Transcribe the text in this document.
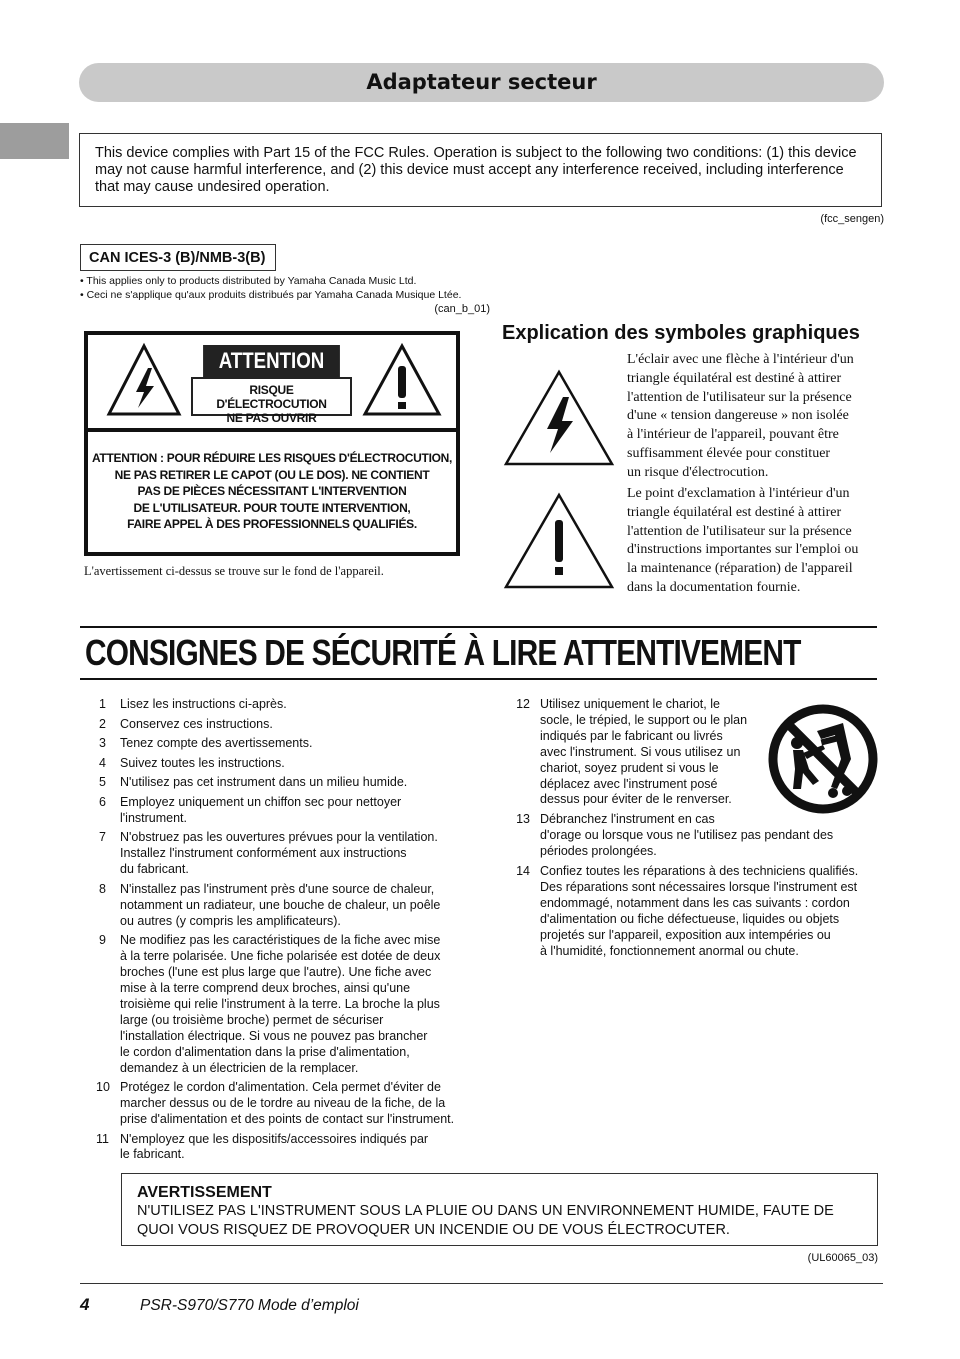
Adaptateur secteur
This device complies with Part 15 of the FCC Rules. Operation is subject to the following two conditions: (1) this device may not cause harmful interference, and (2) this device must accept any interference received, including interference that may cause undesired operation.
(fcc_sengen)
CAN ICES-3 (B)/NMB-3(B)
• This applies only to products distributed by Yamaha Canada Music Ltd.
• Ceci ne s'applique qu'aux produits distribués par Yamaha Canada Musique Ltée.
(can_b_01)
ATTENTION
RISQUE D'ÉLECTROCUTION
NE PAS OUVRIR
ATTENTION : POUR RÉDUIRE LES RISQUES D'ÉLECTROCUTION,
NE PAS RETIRER LE CAPOT (OU LE DOS). NE CONTIENT
PAS DE PIÈCES NÉCESSITANT L'INTERVENTION
DE L'UTILISATEUR. POUR TOUTE INTERVENTION,
FAIRE APPEL À DES PROFESSIONNELS QUALIFIÉS.
L'avertissement ci-dessus se trouve sur le fond de l'appareil.
Explication des symboles graphiques
L'éclair avec une flèche à l'intérieur d'un
triangle équilatéral est destiné à attirer
l'attention de l'utilisateur sur la présence
d'une « tension dangereuse » non isolée
à l'intérieur de l'appareil, pouvant être
suffisamment élevée pour constituer
un risque d'électrocution.
Le point d'exclamation à l'intérieur d'un
triangle équilatéral est destiné à attirer
l'attention de l'utilisateur sur la présence
d'instructions importantes sur l'emploi ou
la maintenance (réparation) de l'appareil
dans la documentation fournie.
CONSIGNES DE SÉCURITÉ À LIRE ATTENTIVEMENT
1 Lisez les instructions ci-après.
2 Conservez ces instructions.
3 Tenez compte des avertissements.
4 Suivez toutes les instructions.
5 N'utilisez pas cet instrument dans un milieu humide.
6 Employez uniquement un chiffon sec pour nettoyer
l'instrument.
7 N'obstruez pas les ouvertures prévues pour la ventilation.
Installez l'instrument conformément aux instructions
du fabricant.
8 N'installez pas l'instrument près d'une source de chaleur,
notamment un radiateur, une bouche de chaleur, un poêle
ou autres (y compris les amplificateurs).
9 Ne modifiez pas les caractéristiques de la fiche avec mise
à la terre polarisée. Une fiche polarisée est dotée de deux
broches (l'une est plus large que l'autre). Une fiche avec
mise à la terre comprend deux broches, ainsi qu'une
troisième qui relie l'instrument à la terre. La broche la plus
large (ou troisième broche) permet de sécuriser
l'installation électrique. Si vous ne pouvez pas brancher
le cordon d'alimentation dans la prise d'alimentation,
demandez à un électricien de la remplacer.
10 Protégez le cordon d'alimentation. Cela permet d'éviter de
marcher dessus ou de le tordre au niveau de la fiche, de la
prise d'alimentation et des points de contact sur l'instrument.
11 N'employez que les dispositifs/accessoires indiqués par
le fabricant.
12 Utilisez uniquement le chariot, le
socle, le trépied, le support ou le plan
indiqués par le fabricant ou livrés
avec l'instrument. Si vous utilisez un
chariot, soyez prudent si vous le
déplacez avec l'instrument posé
dessus pour éviter de le renverser.
13 Débranchez l'instrument en cas
d'orage ou lorsque vous ne l'utilisez pas pendant des
périodes prolongées.
14 Confiez toutes les réparations à des techniciens qualifiés.
Des réparations sont nécessaires lorsque l'instrument est
endommagé, notamment dans les cas suivants : cordon
d'alimentation ou fiche défectueuse, liquides ou objets
projetés sur l'appareil, exposition aux intempéries ou
à l'humidité, fonctionnement anormal ou chute.
AVERTISSEMENT
N'UTILISEZ PAS L'INSTRUMENT SOUS LA PLUIE OU DANS UN ENVIRONNEMENT HUMIDE, FAUTE DE
QUOI VOUS RISQUEZ DE PROVOQUER UN INCENDIE OU DE VOUS ÉLECTROCUTER.
(UL60065_03)
4	PSR-S970/S770 Mode d’emploi
